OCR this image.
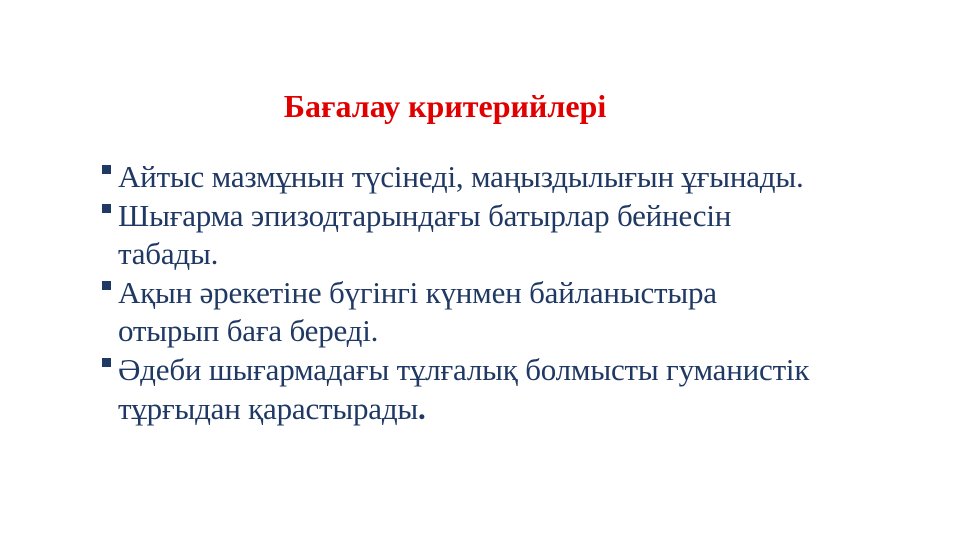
Бағалау критерийлері
Айтыс мазмұнын түсінеді, маңыздылығын ұғынады.
Шығарма эпизодтарындағы батырлар бейнесін
табады.
Ақын әрекетіне бүгінгі күнмен байланыстыра
отырып баға береді.
Әдеби шығармадағы тұлғалық болмысты гуманистік
тұрғыдан қарастырады.
